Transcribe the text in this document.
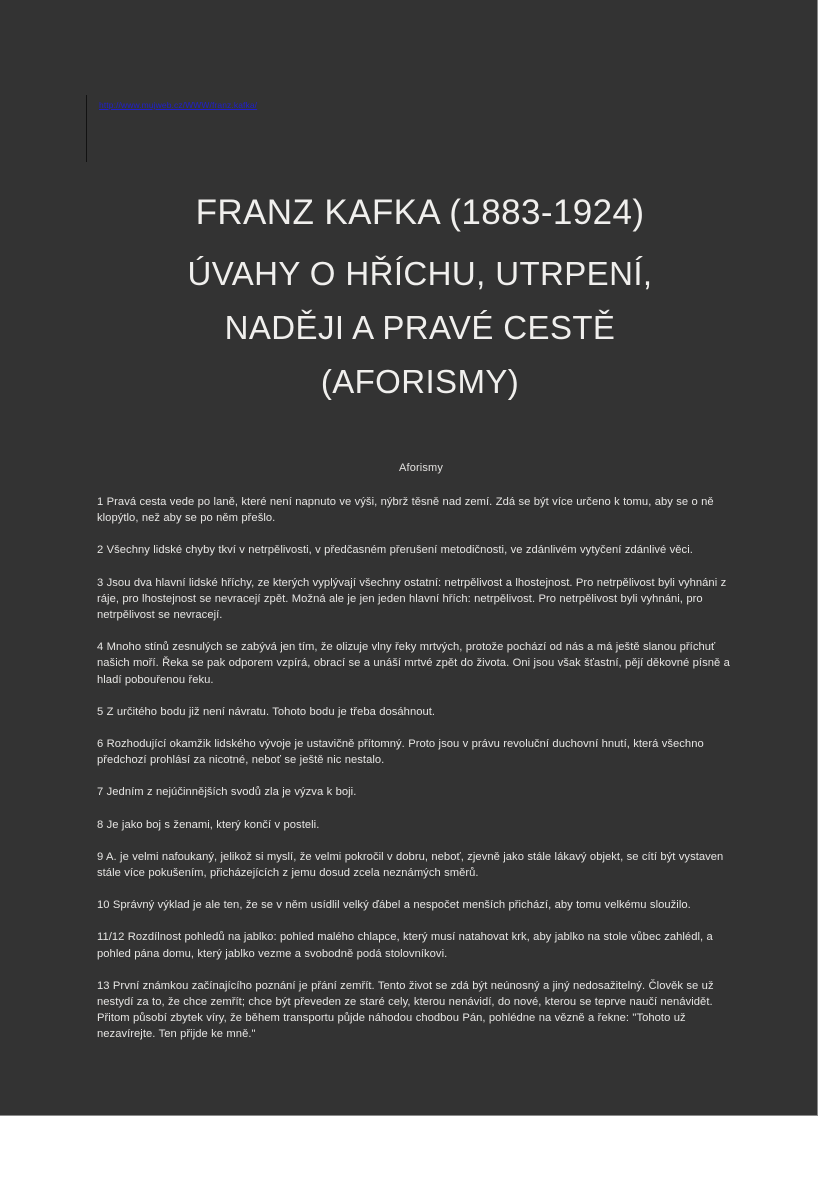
http://www.mujweb.cz/WWW/franz.kafka/
FRANZ KAFKA (1883-1924)
ÚVAHY O HŘÍCHU, UTRPENÍ,
NADĚJI A PRAVÉ CESTĚ
(AFORISMY)
Aforismy

1 Pravá cesta vede po laně, které není napnuto ve výši, nýbrž těsně nad zemí. Zdá se být více určeno k tomu, aby se o ně klopýtlo, než aby se po něm přešlo.

2 Všechny lidské chyby tkví v netrpělivosti, v předčasném přerušení metodičnosti, ve zdánlivém vytyčení zdánlivé věci.

3 Jsou dva hlavní lidské hříchy, ze kterých vyplývají všechny ostatní: netrpělivost a lhostejnost. Pro netrpělivost byli vyhnáni z ráje, pro lhostejnost se nevracejí zpět. Možná ale je jen jeden hlavní hřích: netrpělivost. Pro netrpělivost byli vyhnáni, pro netrpělivost se nevracejí.

4 Mnoho stínů zesnulých se zabývá jen tím, že olizuje vlny řeky mrtvých, protože pochází od nás a má ještě slanou příchuť našich moří. Řeka se pak odporem vzpírá, obrací se a unáší mrtvé zpět do života. Oni jsou však šťastní, pějí děkovné písně a hladí pobouřenou řeku.

5 Z určitého bodu již není návratu. Tohoto bodu je třeba dosáhnout.

6 Rozhodující okamžik lidského vývoje je ustavičně přítomný. Proto jsou v právu revoluční duchovní hnutí, která všechno předchozí prohlásí za nicotné, neboť se ještě nic nestalo.

7 Jedním z nejúčinnějších svodů zla je výzva k boji.

8 Je jako boj s ženami, který končí v posteli.

9 A. je velmi nafoukaný, jelikož si myslí, že velmi pokročil v dobru, neboť, zjevně jako stále lákavý objekt, se cítí být vystaven stále více pokušením, přicházejících z jemu dosud zcela neznámých směrů.

10 Správný výklad je ale ten, že se v něm usídlil velký ďábel a nespočet menších přichází, aby tomu velkému sloužilo.

11/12 Rozdílnost pohledů na jablko: pohled malého chlapce, který musí natahovat krk, aby jablko na stole vůbec zahlédl, a pohled pána domu, který jablko vezme a svobodně podá stolovníkovi.

13 První známkou začínajícího poznání je přání zemřít. Tento život se zdá být neúnosný a jiný nedosažitelný. Člověk se už nestydí za to, že chce zemřít; chce být převeden ze staré cely, kterou nenávidí, do nové, kterou se teprve naučí nenávidět. Přitom působí zbytek víry, že během transportu půjde náhodou chodbou Pán, pohlédne na vězně a řekne: "Tohoto už nezavírejte. Ten přijde ke mně."
